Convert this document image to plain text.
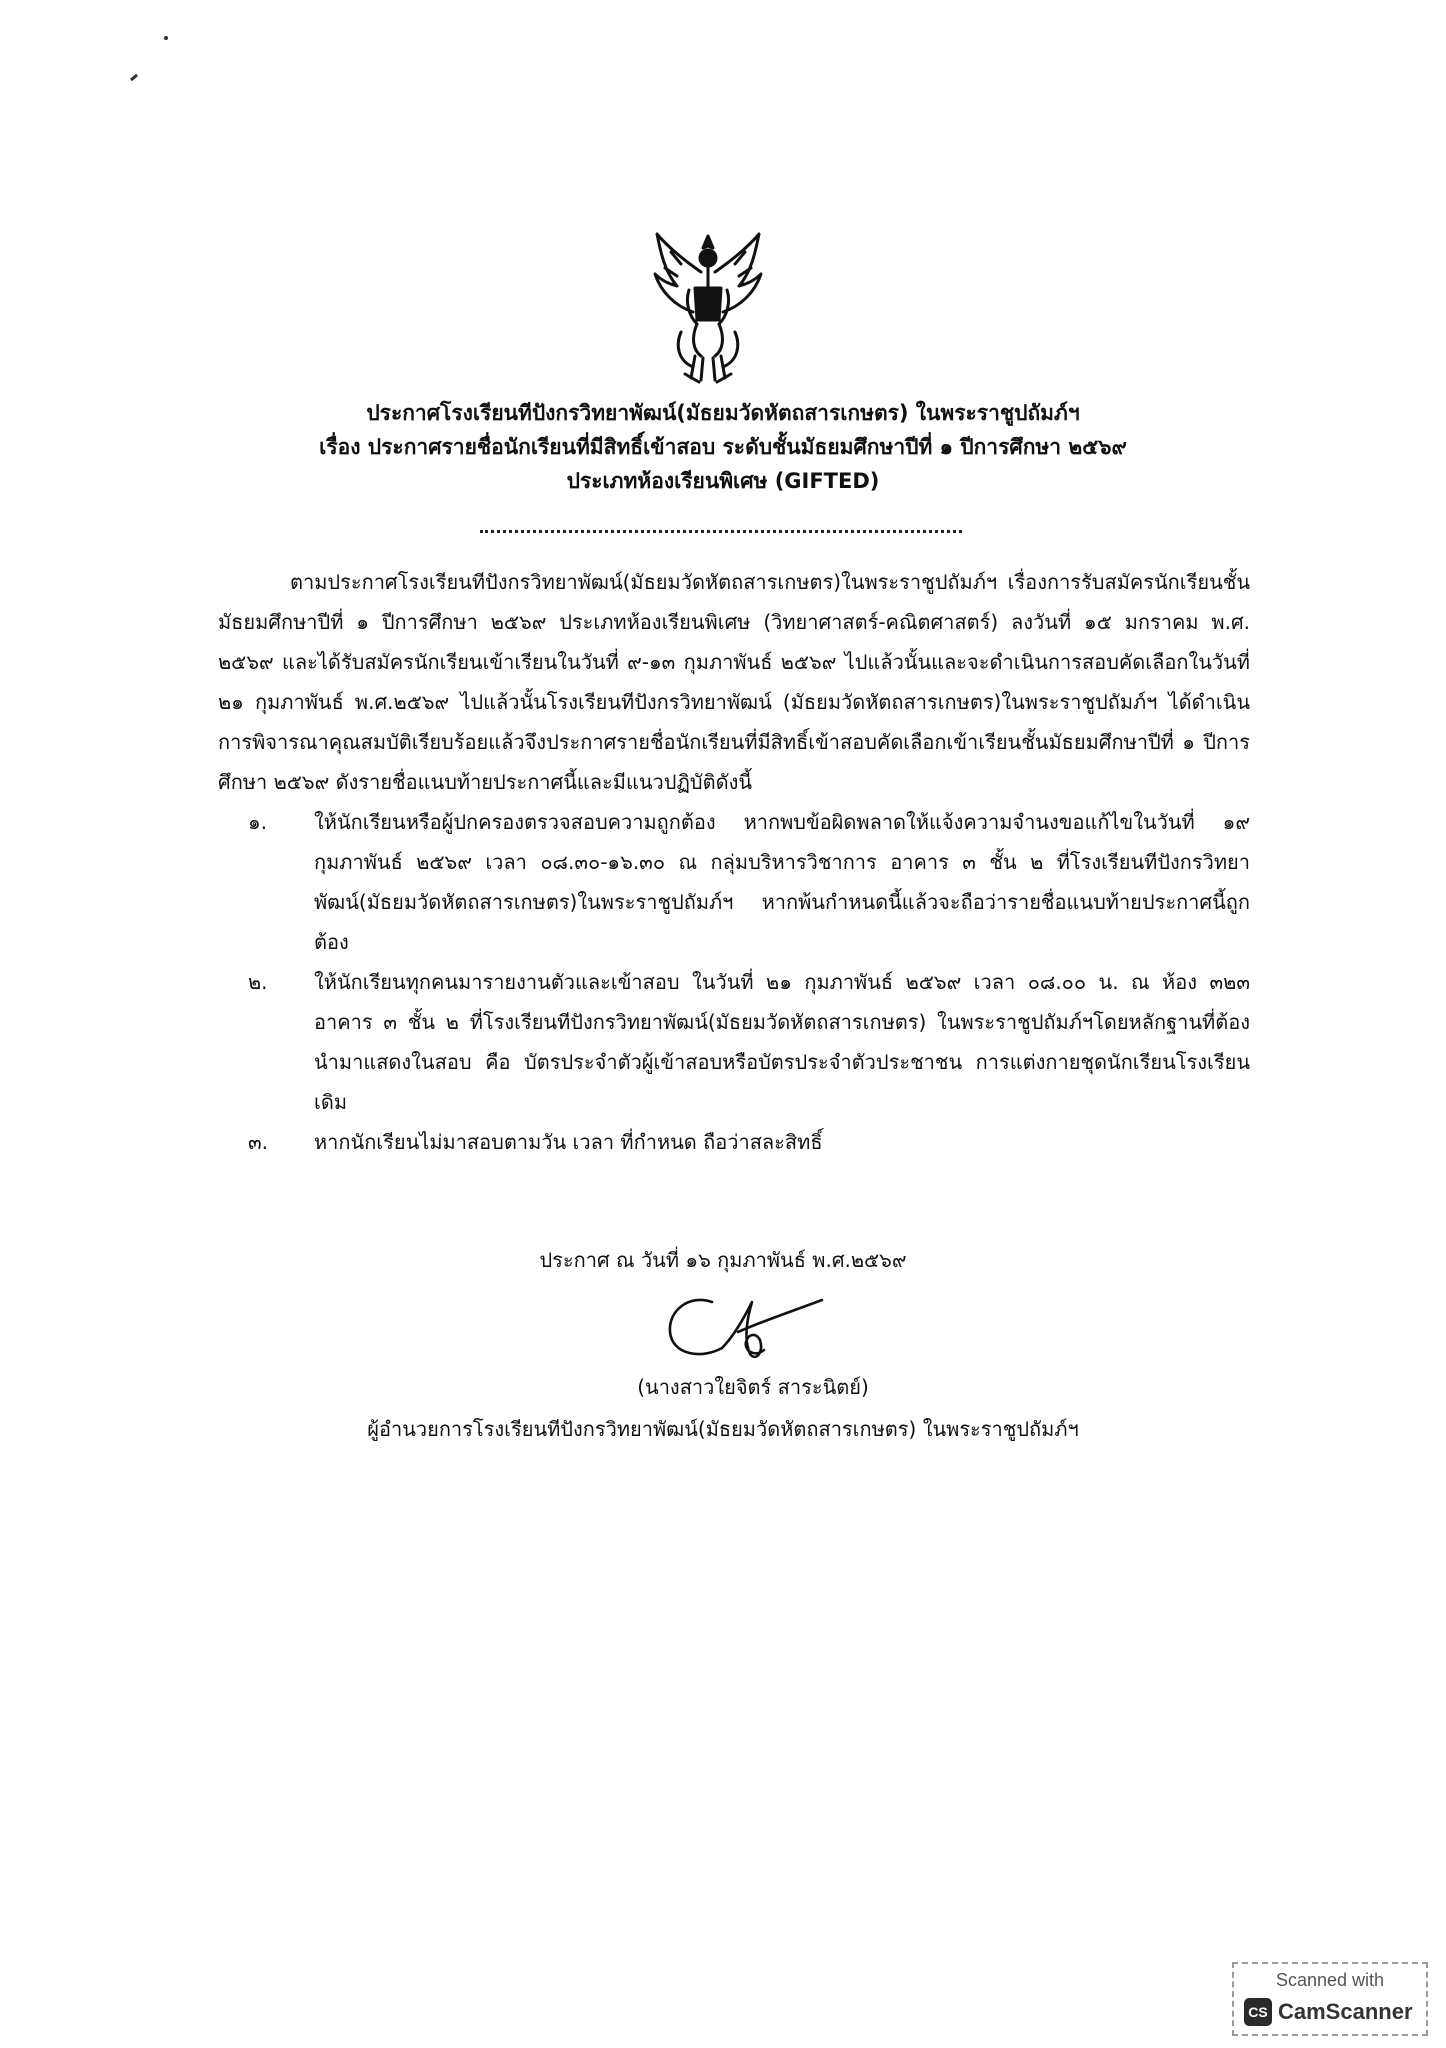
ประกาศโรงเรียนทีปังกรวิทยาพัฒน์(มัธยมวัดหัตถสารเกษตร) ในพระราชูปถัมภ์ฯ
เรื่อง ประกาศรายชื่อนักเรียนที่มีสิทธิ์เข้าสอบ ระดับชั้นมัธยมศึกษาปีที่ ๑ ปีการศึกษา ๒๕๖๙
ประเภทห้องเรียนพิเศษ (GIFTED)

ตามประกาศโรงเรียนทีปังกรวิทยาพัฒน์(มัธยมวัดหัตถสารเกษตร)ในพระราชูปถัมภ์ฯ เรื่องการรับสมัครนักเรียนชั้นมัธยมศึกษาปีที่ ๑ ปีการศึกษา ๒๕๖๙ ประเภทห้องเรียนพิเศษ (วิทยาศาสตร์-คณิตศาสตร์) ลงวันที่ ๑๕ มกราคม พ.ศ. ๒๕๖๙ และได้รับสมัครนักเรียนเข้าเรียนในวันที่ ๙-๑๓ กุมภาพันธ์ ๒๕๖๙ ไปแล้วนั้นและจะดำเนินการสอบคัดเลือกในวันที่ ๒๑ กุมภาพันธ์ พ.ศ.๒๕๖๙ ไปแล้วนั้นโรงเรียนทีปังกรวิทยาพัฒน์ (มัธยมวัดหัตถสารเกษตร)ในพระราชูปถัมภ์ฯ ได้ดำเนินการพิจารณาคุณสมบัติเรียบร้อยแล้วจึงประกาศรายชื่อนักเรียนที่มีสิทธิ์เข้าสอบคัดเลือกเข้าเรียนชั้นมัธยมศึกษาปีที่ ๑ ปีการศึกษา ๒๕๖๙ ดังรายชื่อแนบท้ายประกาศนี้และมีแนวปฏิบัติดังนี้

๑. ให้นักเรียนหรือผู้ปกครองตรวจสอบความถูกต้อง หากพบข้อผิดพลาดให้แจ้งความจำนงขอแก้ไขในวันที่ ๑๙ กุมภาพันธ์ ๒๕๖๙ เวลา ๐๘.๓๐-๑๖.๓๐ ณ กลุ่มบริหารวิชาการ อาคาร ๓ ชั้น ๒ ที่โรงเรียนทีปังกรวิทยาพัฒน์(มัธยมวัดหัตถสารเกษตร)ในพระราชูปถัมภ์ฯ หากพ้นกำหนดนี้แล้วจะถือว่ารายชื่อแนบท้ายประกาศนี้ถูกต้อง
๒. ให้นักเรียนทุกคนมารายงานตัวและเข้าสอบ ในวันที่ ๒๑ กุมภาพันธ์ ๒๕๖๙ เวลา ๐๘.๐๐ น. ณ ห้อง ๓๒๓ อาคาร ๓ ชั้น ๒ ที่โรงเรียนทีปังกรวิทยาพัฒน์(มัธยมวัดหัตถสารเกษตร) ในพระราชูปถัมภ์ฯโดยหลักฐานที่ต้องนำมาแสดงในสอบ คือ บัตรประจำตัวผู้เข้าสอบหรือบัตรประจำตัวประชาชน การแต่งกายชุดนักเรียนโรงเรียนเดิม
๓. หากนักเรียนไม่มาสอบตามวัน เวลา ที่กำหนด ถือว่าสละสิทธิ์
ประกาศ ณ วันที่ ๑๖ กุมภาพันธ์ พ.ศ.๒๕๖๙
(นางสาวใยจิตร์ สาระนิตย์)
ผู้อำนวยการโรงเรียนทีปังกรวิทยาพัฒน์(มัธยมวัดหัตถสารเกษตร) ในพระราชูปถัมภ์ฯ
Scanned with
CS CamScanner
